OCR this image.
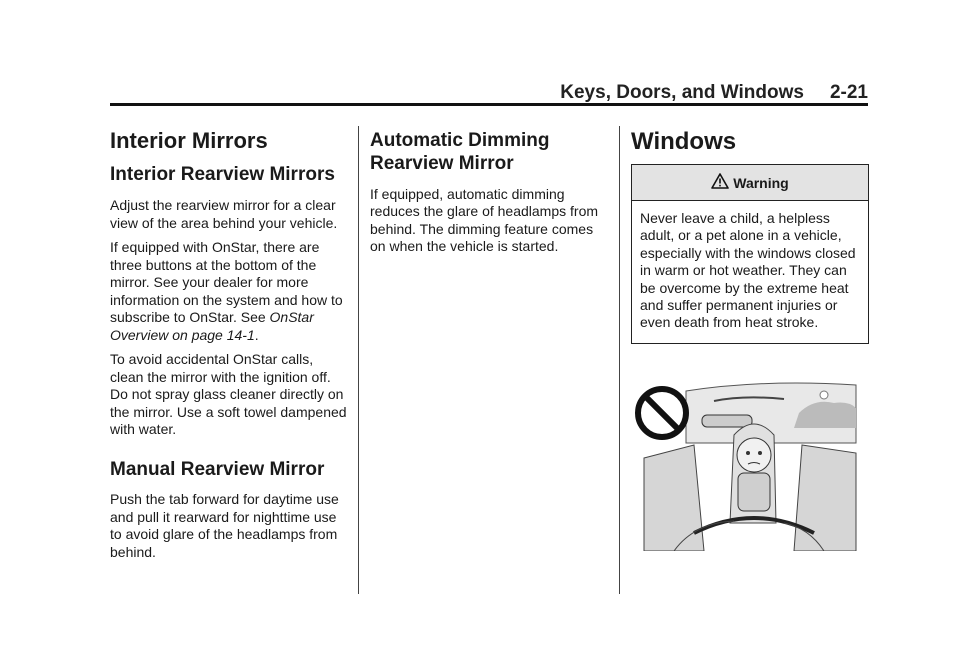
Keys, Doors, and Windows 2-21
Interior Mirrors
Interior Rearview Mirrors

Adjust the rearview mirror for a clear view of the area behind your vehicle.

If equipped with OnStar, there are three buttons at the bottom of the mirror. See your dealer for more information on the system and how to subscribe to OnStar. See OnStar Overview on page 14-1.

To avoid accidental OnStar calls, clean the mirror with the ignition off. Do not spray glass cleaner directly on the mirror. Use a soft towel dampened with water.

Manual Rearview Mirror

Push the tab forward for daytime use and pull it rearward for nighttime use to avoid glare of the headlamps from behind.

Automatic Dimming Rearview Mirror

If equipped, automatic dimming reduces the glare of headlamps from behind. The dimming feature comes on when the vehicle is started.

Windows
Warning
Never leave a child, a helpless adult, or a pet alone in a vehicle, especially with the windows closed in warm or hot weather. They can be overcome by the extreme heat and suffer permanent injuries or even death from heat stroke.
